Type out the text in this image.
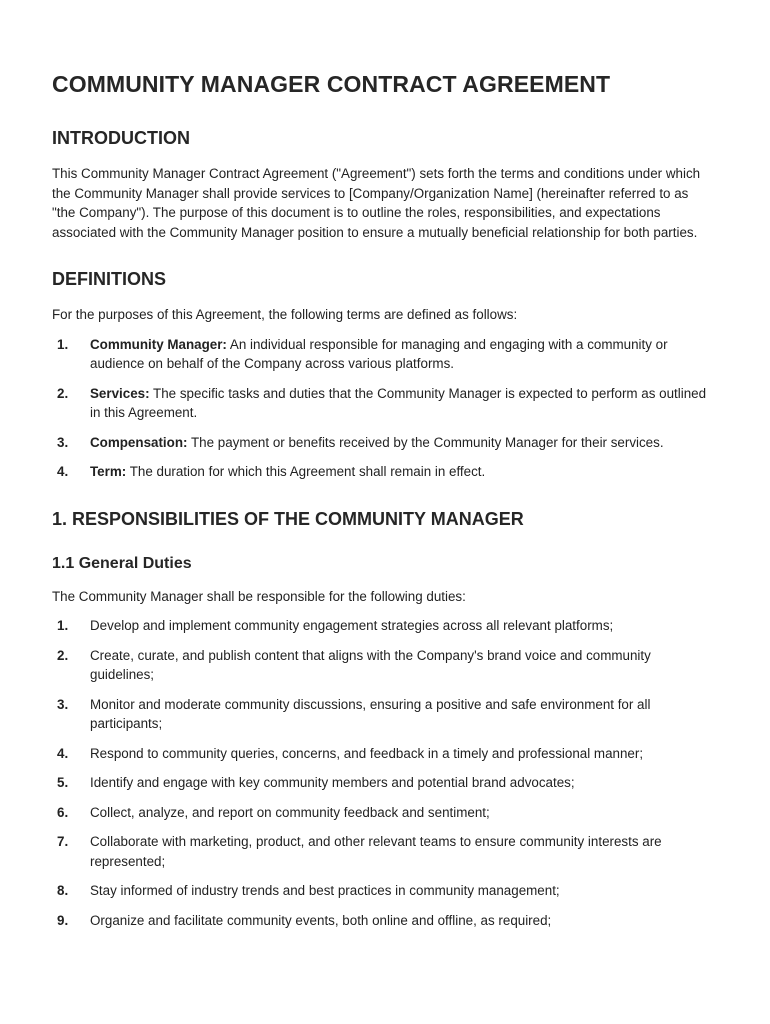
COMMUNITY MANAGER CONTRACT AGREEMENT
INTRODUCTION

This Community Manager Contract Agreement ("Agreement") sets forth the terms and conditions under which the Community Manager shall provide services to [Company/Organization Name] (hereinafter referred to as "the Company"). The purpose of this document is to outline the roles, responsibilities, and expectations associated with the Community Manager position to ensure a mutually beneficial relationship for both parties.

DEFINITIONS

For the purposes of this Agreement, the following terms are defined as follows:

1.	Community Manager: An individual responsible for managing and engaging with a community or audience on behalf of the Company across various platforms.
2.	Services: The specific tasks and duties that the Community Manager is expected to perform as outlined in this Agreement.
3.	Compensation: The payment or benefits received by the Community Manager for their services.
4.	Term: The duration for which this Agreement shall remain in effect.
1. RESPONSIBILITIES OF THE COMMUNITY MANAGER
1.1 General Duties

The Community Manager shall be responsible for the following duties:

1.	Develop and implement community engagement strategies across all relevant platforms;
2.	Create, curate, and publish content that aligns with the Company's brand voice and community guidelines;
3.	Monitor and moderate community discussions, ensuring a positive and safe environment for all participants;
4.	Respond to community queries, concerns, and feedback in a timely and professional manner;
5.	Identify and engage with key community members and potential brand advocates;
6.	Collect, analyze, and report on community feedback and sentiment;
7.	Collaborate with marketing, product, and other relevant teams to ensure community interests are represented;
8.	Stay informed of industry trends and best practices in community management;
9.	Organize and facilitate community events, both online and offline, as required;
